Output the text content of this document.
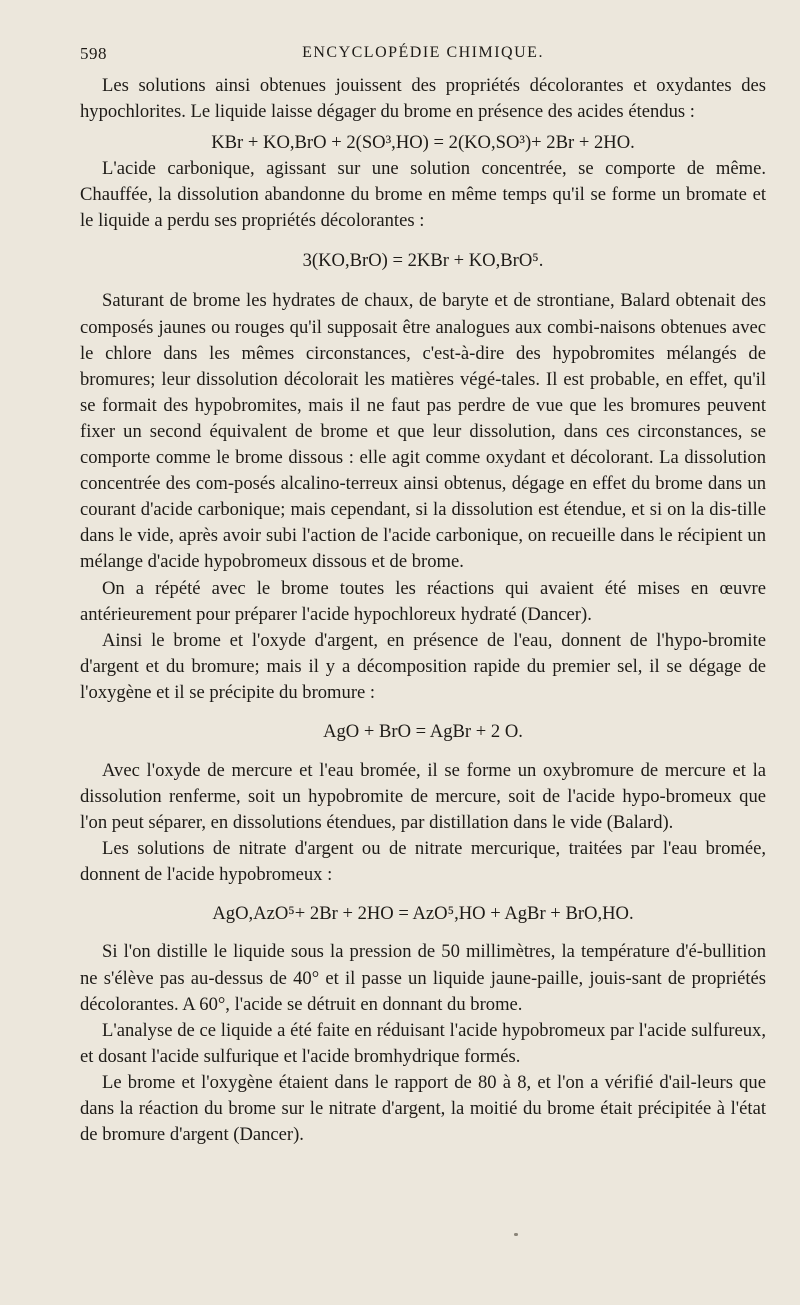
598	ENCYCLOPÉDIE CHIMIQUE.

Les solutions ainsi obtenues jouissent des propriétés décolorantes et oxydantes des hypochlorites. Le liquide laisse dégager du brome en présence des acides étendus :

KBr + KO,BrO + 2(SO³,HO) = 2(KO,SO³)+ 2Br + 2HO.

L'acide carbonique, agissant sur une solution concentrée, se comporte de même. Chauffée, la dissolution abandonne du brome en même temps qu'il se forme un bromate et le liquide a perdu ses propriétés décolorantes :

3(KO,BrO) = 2KBr + KO,BrO⁵.

Saturant de brome les hydrates de chaux, de baryte et de strontiane, Balard obtenait des composés jaunes ou rouges qu'il supposait être analogues aux combi-naisons obtenues avec le chlore dans les mêmes circonstances, c'est-à-dire des hypobromites mélangés de bromures; leur dissolution décolorait les matières végé-tales. Il est probable, en effet, qu'il se formait des hypobromites, mais il ne faut pas perdre de vue que les bromures peuvent fixer un second équivalent de brome et que leur dissolution, dans ces circonstances, se comporte comme le brome dissous : elle agit comme oxydant et décolorant. La dissolution concentrée des com-posés alcalino-terreux ainsi obtenus, dégage en effet du brome dans un courant d'acide carbonique; mais cependant, si la dissolution est étendue, et si on la dis-tille dans le vide, après avoir subi l'action de l'acide carbonique, on recueille dans le récipient un mélange d'acide hypobromeux dissous et de brome.

On a répété avec le brome toutes les réactions qui avaient été mises en œuvre antérieurement pour préparer l'acide hypochloreux hydraté (Dancer).

Ainsi le brome et l'oxyde d'argent, en présence de l'eau, donnent de l'hypo-bromite d'argent et du bromure; mais il y a décomposition rapide du premier sel, il se dégage de l'oxygène et il se précipite du bromure :

AgO + BrO = AgBr + 2 O.

Avec l'oxyde de mercure et l'eau bromée, il se forme un oxybromure de mercure et la dissolution renferme, soit un hypobromite de mercure, soit de l'acide hypo-bromeux que l'on peut séparer, en dissolutions étendues, par distillation dans le vide (Balard).

Les solutions de nitrate d'argent ou de nitrate mercurique, traitées par l'eau bromée, donnent de l'acide hypobromeux :

AgO,AzO⁵+ 2Br + 2HO = AzO⁵,HO + AgBr + BrO,HO.

Si l'on distille le liquide sous la pression de 50 millimètres, la température d'é-bullition ne s'élève pas au-dessus de 40° et il passe un liquide jaune-paille, jouis-sant de propriétés décolorantes. A 60°, l'acide se détruit en donnant du brome.

L'analyse de ce liquide a été faite en réduisant l'acide hypobromeux par l'acide sulfureux, et dosant l'acide sulfurique et l'acide bromhydrique formés.

Le brome et l'oxygène étaient dans le rapport de 80 à 8, et l'on a vérifié d'ail-leurs que dans la réaction du brome sur le nitrate d'argent, la moitié du brome était précipitée à l'état de bromure d'argent (Dancer).
